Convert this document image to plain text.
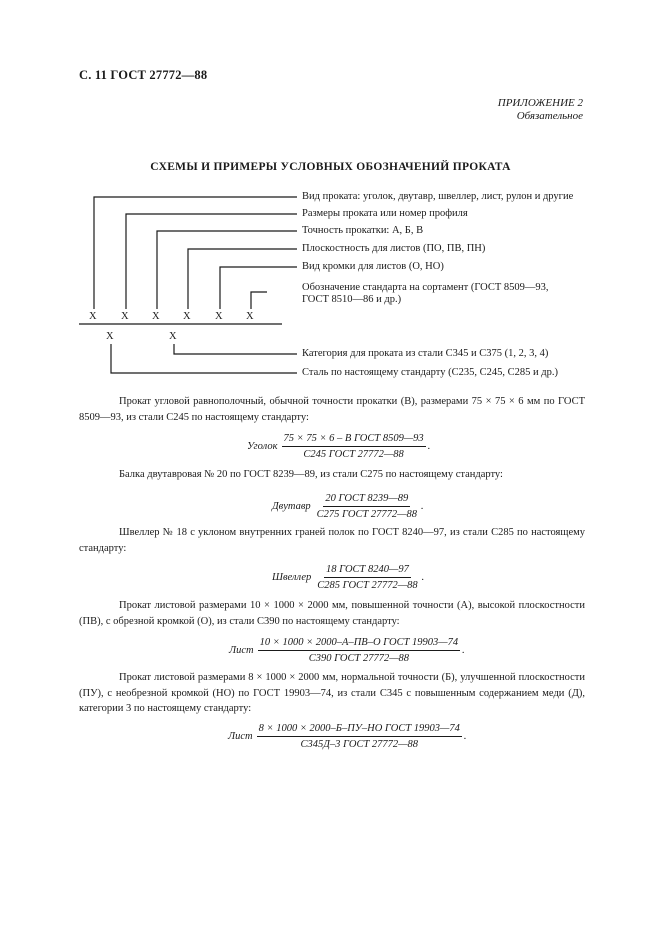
С. 11 ГОСТ 27772—88
ПРИЛОЖЕНИЕ 2
Обязательное
СХЕМЫ И ПРИМЕРЫ УСЛОВНЫХ ОБОЗНАЧЕНИЙ ПРОКАТА
Х Х Х Х Х Х
Х	Х
Вид проката: уголок, двутавр, швеллер, лист, рулон и другие
Размеры проката или номер профиля
Точность прокатки: А, Б, В
Плоскостность для листов (ПО, ПВ, ПН)
Вид кромки для листов (О, НО)
Обозначение стандарта на сортамент (ГОСТ 8509—93,
ГОСТ 8510—86 и др.)
Категория для проката из стали С345 и С375 (1, 2, 3, 4)
Сталь по настоящему стандарту (С235, С245, С285 и др.)
Прокат угловой равнополочный, обычной точности прокатки (В), размерами 75 × 75 × 6 мм по ГОСТ 8509—93, из стали С245 по настоящему стандарту:
Уголок $\frac{\text{75 × 75 × 6 – В ГОСТ 8509—93}}{\text{С245 ГОСТ 27772—88}}$ .
Балка двутавровая № 20 по ГОСТ 8239—89, из стали С275 по настоящему стандарту:
Двутавр $\frac{\text{20 ГОСТ 8239—89}}{\text{С275 ГОСТ 27772—88}}$ .
Швеллер № 18 с уклоном внутренних граней полок по ГОСТ 8240—97, из стали С285 по настоящему стандарту:
Швеллер $\frac{\text{18 ГОСТ 8240—97}}{\text{С285 ГОСТ 27772—88}}$ .
Прокат листовой размерами 10 × 1000 × 2000 мм, повышенной точности (А), высокой плоскостности (ПВ), с обрезной кромкой (О), из стали С390 по настоящему стандарту:
Лист $\frac{\text{10 × 1000 × 2000–А–ПВ–О ГОСТ 19903—74}}{\text{С390 ГОСТ 27772—88}}$ .
Прокат листовой размерами 8 × 1000 × 2000 мм, нормальной точности (Б), улучшенной плоскостности (ПУ), с необрезной кромкой (НО) по ГОСТ 19903—74, из стали С345 с повышенным содержанием меди (Д), категории 3 по настоящему стандарту:
Лист $\frac{\text{8 × 1000 × 2000–Б–ПУ–НО ГОСТ 19903—74}}{\text{С345Д–3 ГОСТ 27772—88}}$ .
